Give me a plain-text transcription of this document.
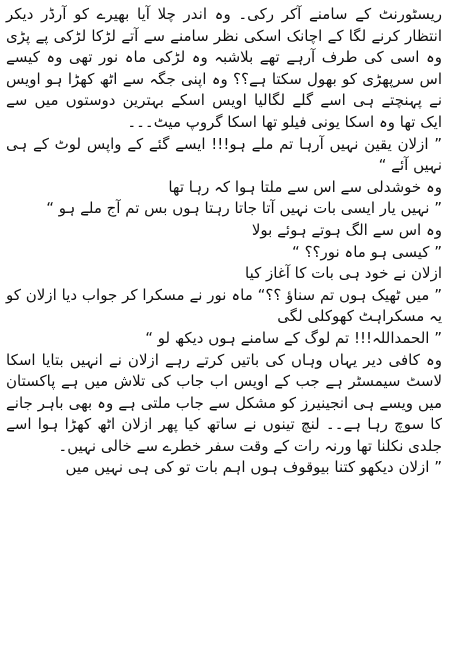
ریسٹورنٹ کے سامنے آکر رکی۔ وہ اندر چلا آیا بھیرے کو آرڈر دیکر انتظار کرنے لگا کے اچانک اسکی نظر سامنے سے آتے لڑکا لڑکی پے پڑی وہ اسی کی طرف آرہے تھے بلاشبہ وہ لڑکی ماہ نور تھی وہ کیسے اس سرپھڑی کو بھول سکتا ہے؟؟ وہ اپنی جگہ سے اٹھ کھڑا ہو اویس نے پہنچتے ہی اسے گلے لگالیا اویس اسکے بہترین دوستوں میں سے ایک تھا وہ اسکا یونی فیلو تھا اسکا گروپ میٹ۔۔۔

” ازلان یقین نہیں آرہا تم ملے ہو!!! ایسے گئے کے واپس لوٹ کے ہی نہیں آئے “

وہ خوشدلی سے اس سے ملتا ہوا کہ رہا تھا

” نہیں یار ایسی بات نہیں آتا جاتا رہتا ہوں بس تم آج ملے ہو “

وہ اس سے الگ ہوتے ہوئے بولا

” کیسی ہو ماہ نور؟؟ “

ازلان نے خود ہی بات کا آغاز کیا

” میں ٹھیک ہوں تم سناؤ ؟؟“ ماہ نور نے مسکرا کر جواب دیا ازلان کو یہ مسکراہٹ کھوکلی لگی

” الحمداللہ!!! تم لوگ کے سامنے ہوں دیکھ لو “

وہ کافی دیر یہاں وہاں کی باتیں کرتے رہے ازلان نے انہیں بتایا اسکا لاسٹ سیمسٹر ہے جب کے اویس اب جاب کی تلاش میں ہے پاکستان میں ویسے ہی انجینیرز کو مشکل سے جاب ملتی ہے وہ بھی باہر جانے کا سوچ رہا ہے۔۔ لنچ تینوں نے ساتھ کیا پھر ازلان اٹھ کھڑا ہوا اسے جلدی نکلنا تھا ورنہ رات کے وقت سفر خطرے سے خالی نہیں۔

” ازلان دیکھو کتنا بیوقوف ہوں اہم بات تو کی ہی نہیں میں
